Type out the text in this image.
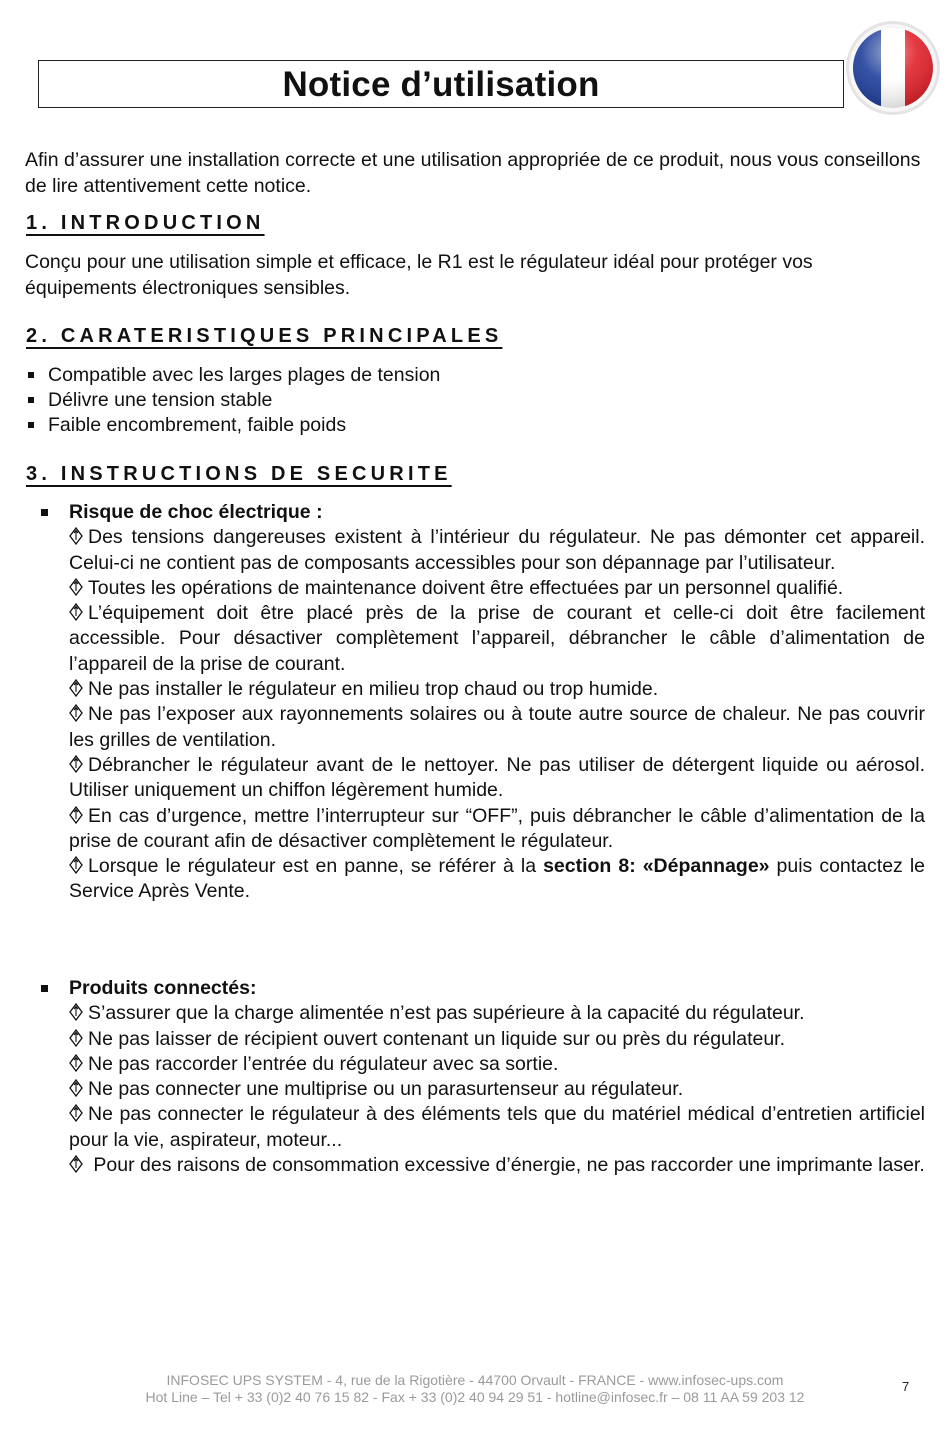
Notice d’utilisation

Afin d’assurer une installation correcte et une utilisation appropriée de ce produit, nous vous conseillons de lire attentivement cette notice.

1. INTRODUCTION

Conçu pour une utilisation simple et efficace, le R1 est le régulateur idéal pour protéger vos équipements électroniques sensibles.

2. CARATERISTIQUES PRINCIPALES
Compatible avec les larges plages de tension
Délivre une tension stable
Faible encombrement, faible poids
3. INSTRUCTIONS DE SECURITE
Risque de choc électrique :

Des tensions dangereuses existent à l’intérieur du régulateur. Ne pas démonter cet appareil. Celui-ci ne contient pas de composants accessibles pour son dépannage par l’utilisateur.

Toutes les opérations de maintenance doivent être effectuées par un personnel qualifié.

L’équipement doit être placé près de la prise de courant et celle-ci doit être facilement accessible. Pour désactiver complètement l’appareil, débrancher le câble d’alimentation de l’appareil de la prise de courant.

Ne pas installer le régulateur en milieu trop chaud ou trop humide.

Ne pas l’exposer aux rayonnements solaires ou à toute autre source de chaleur. Ne pas couvrir les grilles de ventilation.

Débrancher le régulateur avant de le nettoyer. Ne pas utiliser de détergent liquide ou aérosol. Utiliser uniquement un chiffon légèrement humide.

En cas d’urgence, mettre l’interrupteur sur “OFF”, puis débrancher le câble d’alimentation de la prise de courant afin de désactiver complètement le régulateur.

Lorsque le régulateur est en panne, se référer à la section 8: «Dépannage» puis contactez le Service Après Vente.

Produits connectés:

S’assurer que la charge alimentée n’est pas supérieure à la capacité du régulateur.

Ne pas laisser de récipient ouvert contenant un liquide sur ou près du régulateur.

Ne pas raccorder l’entrée du régulateur avec sa sortie.

Ne pas connecter une multiprise ou un parasurtenseur au régulateur.

Ne pas connecter le régulateur à des éléments tels que du matériel médical d’entretien artificiel pour la vie, aspirateur, moteur...

Pour des raisons de consommation excessive d’énergie, ne pas raccorder une imprimante laser.

INFOSEC UPS SYSTEM - 4, rue de la Rigotière - 44700 Orvault - FRANCE - www.infosec-ups.com
Hot Line – Tel + 33 (0)2 40 76 15 82 - Fax + 33 (0)2 40 94 29 51 - hotline@infosec.fr – 08 11 AA 59 203 12
7
